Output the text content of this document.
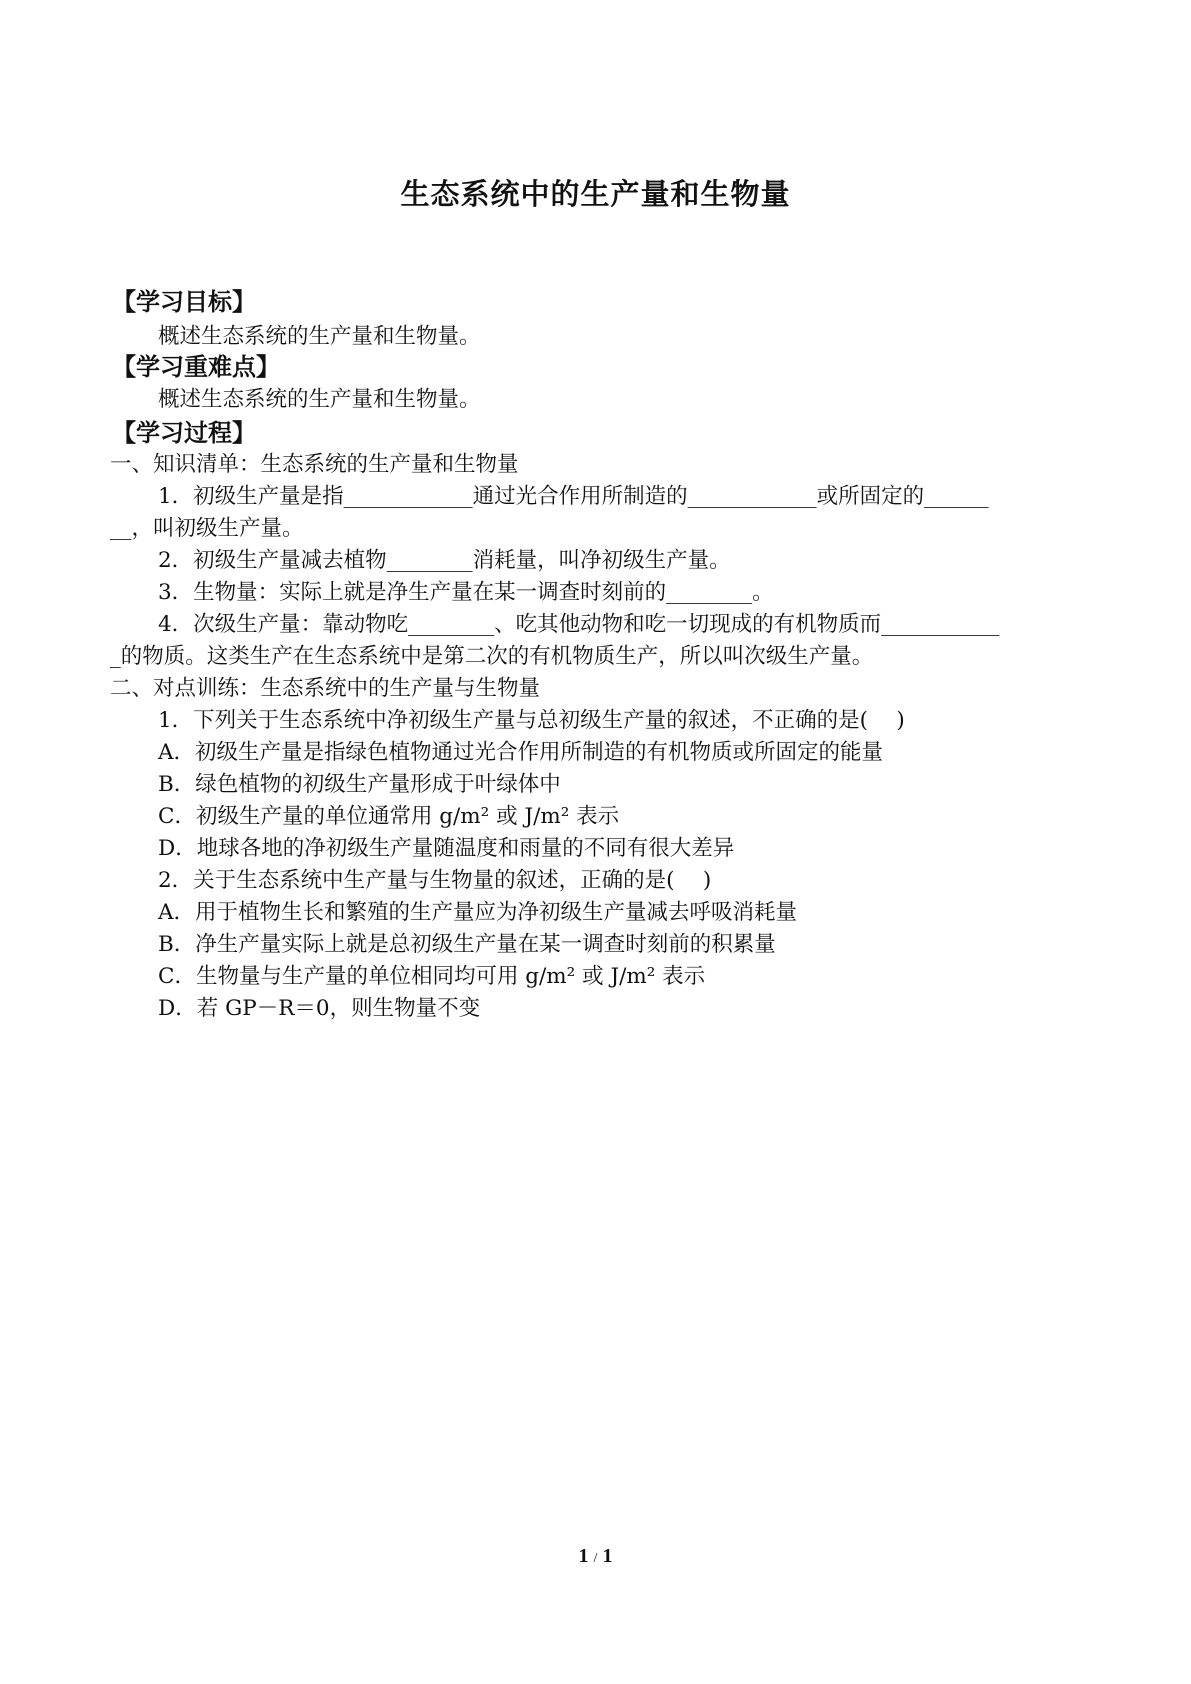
生态系统中的生产量和生物量
【学习目标】
概述生态系统的生产量和生物量。
【学习重难点】
概述生态系统的生产量和生物量。
【学习过程】
一、知识清单：生态系统的生产量和生物量
1．初级生产量是指____________通过光合作用所制造的____________或所固定的______
__，叫初级生产量。
2．初级生产量减去植物________消耗量，叫净初级生产量。
3．生物量：实际上就是净生产量在某一调查时刻前的________。
4．次级生产量：靠动物吃________、吃其他动物和吃一切现成的有机物质而___________
_的物质。这类生产在生态系统中是第二次的有机物质生产，所以叫次级生产量。
二、对点训练：生态系统中的生产量与生物量
1．下列关于生态系统中净初级生产量与总初级生产量的叙述，不正确的是(　 )
A．初级生产量是指绿色植物通过光合作用所制造的有机物质或所固定的能量
B．绿色植物的初级生产量形成于叶绿体中
C．初级生产量的单位通常用 g/m² 或 J/m² 表示
D．地球各地的净初级生产量随温度和雨量的不同有很大差异
2．关于生态系统中生产量与生物量的叙述，正确的是(　 )
A．用于植物生长和繁殖的生产量应为净初级生产量减去呼吸消耗量
B．净生产量实际上就是总初级生产量在某一调查时刻前的积累量
C．生物量与生产量的单位相同均可用 g/m² 或 J/m² 表示
D．若 GP－R＝0，则生物量不变
1 / 1
